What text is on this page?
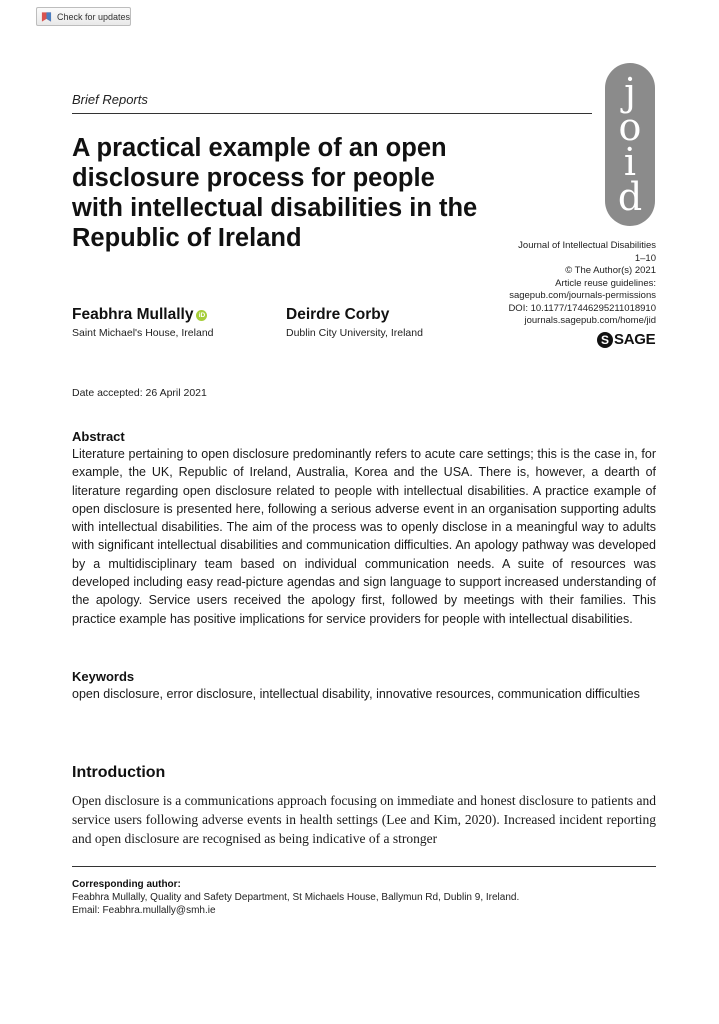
Check for updates
Brief Reports	j
o
i
d
A practical example of an open disclosure process for people with intellectual disabilities in the Republic of Ireland	Journal of Intellectual Disabilities
1–10
© The Author(s) 2021
Article reuse guidelines:
sagepub.com/journals-permissions
DOI: 10.1177/17446295211018910
journals.sagepub.com/home/jid
S SAGE
Feabhra Mullally iD
Saint Michael's House, Ireland
Deirdre Corby
Dublin City University, Ireland
Date accepted: 26 April 2021
Abstract

Literature pertaining to open disclosure predominantly refers to acute care settings; this is the case in, for example, the UK, Republic of Ireland, Australia, Korea and the USA. There is, however, a dearth of literature regarding open disclosure related to people with intellectual disabilities. A practice example of open disclosure is presented here, following a serious adverse event in an organisation supporting adults with intellectual disabilities. The aim of the process was to openly disclose in a meaningful way to adults with significant intellectual disabilities and communication difficulties. An apology pathway was developed by a multidisciplinary team based on individual communication needs. A suite of resources was developed including easy read-picture agendas and sign language to support increased understanding of the apology. Service users received the apology first, followed by meetings with their families. This practice example has positive implications for service providers for people with intellectual disabilities.

Keywords

open disclosure, error disclosure, intellectual disability, innovative resources, communication difficulties

Introduction

Open disclosure is a communications approach focusing on immediate and honest disclosure to patients and service users following adverse events in health settings (Lee and Kim, 2020). Increased incident reporting and open disclosure are recognised as being indicative of a stronger

Corresponding author:
Feabhra Mullally, Quality and Safety Department, St Michaels House, Ballymun Rd, Dublin 9, Ireland.
Email: Feabhra.mullally@smh.ie
